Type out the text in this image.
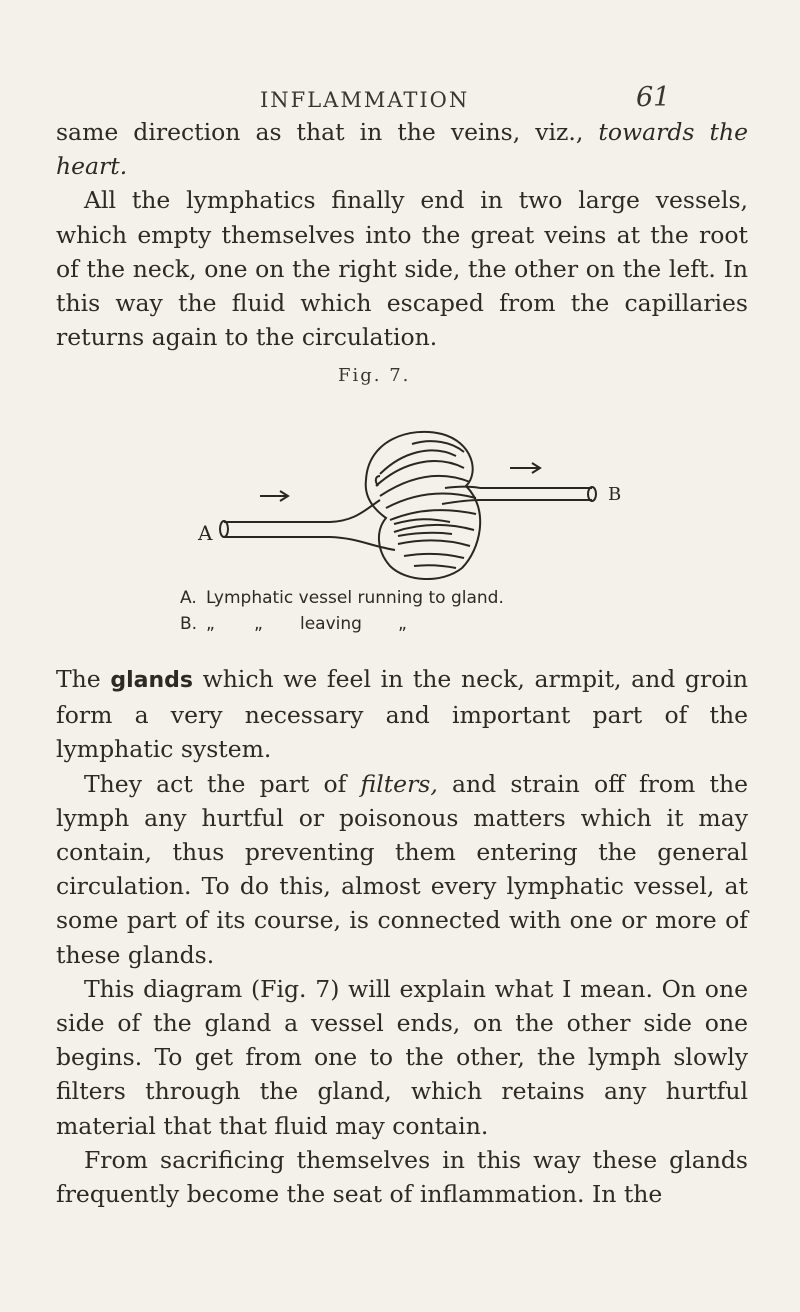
INFLAMMATION	61

same direction as that in the veins, viz., towards the heart.

All the lymphatics finally end in two large vessels, which empty themselves into the great veins at the root of the neck, one on the right side, the other on the left. In this way the fluid which escaped from the capillaries returns again to the circulation.

Fig. 7.
A
B
A. Lymphatic vessel running to gland.
B. „	„	leaving	„

The glands which we feel in the neck, armpit, and groin form a very necessary and important part of the lymphatic system.

They act the part of filters, and strain off from the lymph any hurtful or poisonous matters which it may contain, thus preventing them entering the general circulation. To do this, almost every lymphatic vessel, at some part of its course, is connected with one or more of these glands.

This diagram (Fig. 7) will explain what I mean. On one side of the gland a vessel ends, on the other side one begins. To get from one to the other, the lymph slowly filters through the gland, which retains any hurtful material that that fluid may contain.

From sacrificing themselves in this way these glands frequently become the seat of inflammation. In the
